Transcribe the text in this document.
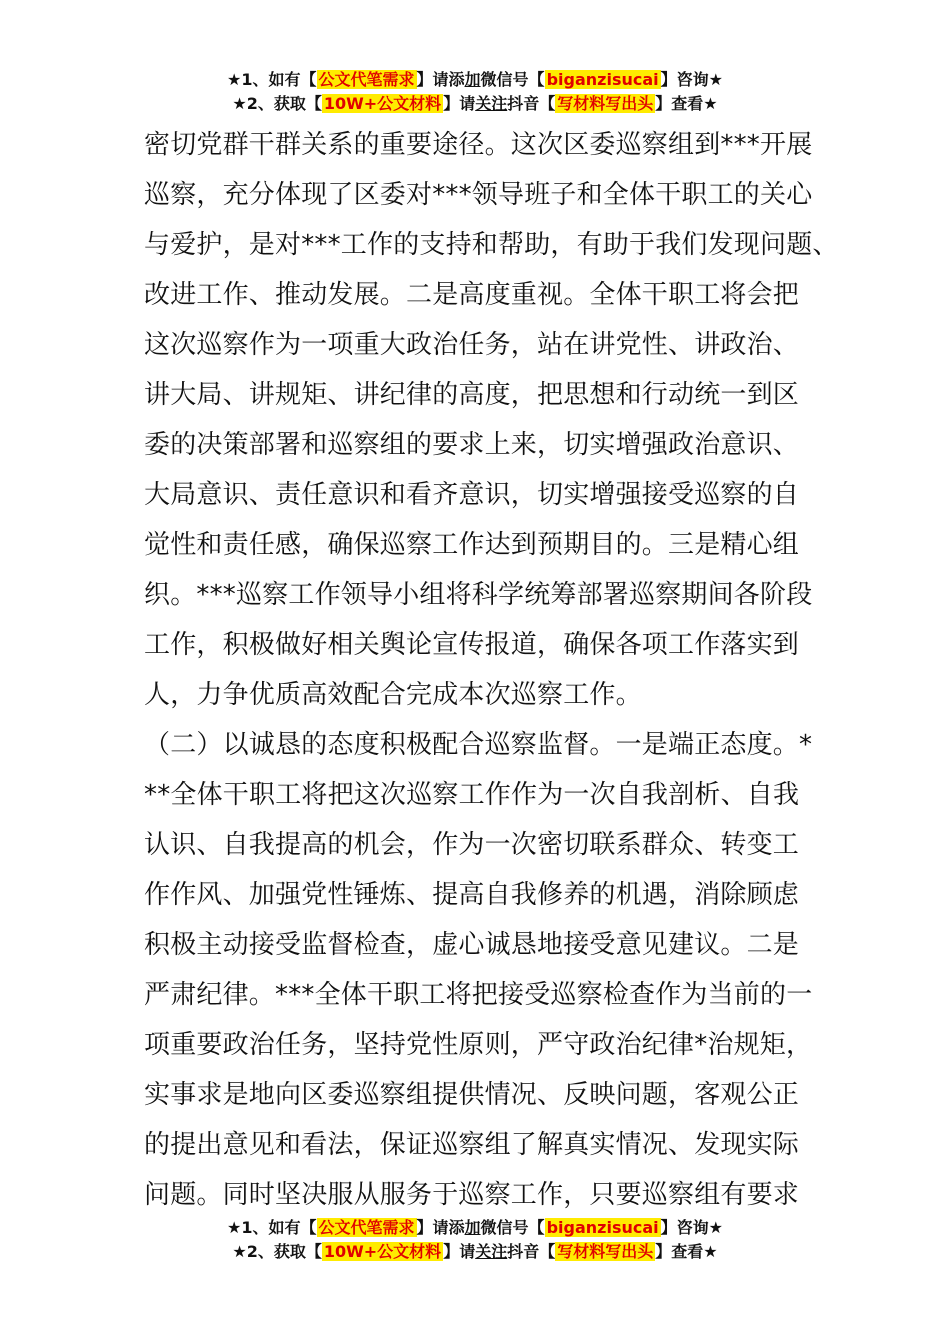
★1、如有【 公文代笔需求 】请添加微信号【 biganzisucai 】咨询★
★2、获取【 10W+公文材料 】请关注抖音【 写材料写出头 】查看★
密切党群干群关系的重要途径。这次区委巡察组到***开展
巡察，充分体现了区委对***领导班子和全体干职工的关心
与爱护，是对***工作的支持和帮助，有助于我们发现问题、
改进工作、推动发展。二是高度重视。全体干职工将会把
这次巡察作为一项重大政治任务，站在讲党性、讲政治、
讲大局、讲规矩、讲纪律的高度，把思想和行动统一到区
委的决策部署和巡察组的要求上来，切实增强政治意识、
大局意识、责任意识和看齐意识，切实增强接受巡察的自
觉性和责任感，确保巡察工作达到预期目的。三是精心组
织。***巡察工作领导小组将科学统筹部署巡察期间各阶段
工作，积极做好相关舆论宣传报道，确保各项工作落实到
人，力争优质高效配合完成本次巡察工作。
（二）以诚恳的态度积极配合巡察监督。一是端正态度。*
**全体干职工将把这次巡察工作作为一次自我剖析、自我
认识、自我提高的机会，作为一次密切联系群众、转变工
作作风、加强党性锤炼、提高自我修养的机遇，消除顾虑
积极主动接受监督检查，虚心诚恳地接受意见建议。二是
严肃纪律。***全体干职工将把接受巡察检查作为当前的一
项重要政治任务，坚持党性原则，严守政治纪律*治规矩，
实事求是地向区委巡察组提供情况、反映问题，客观公正
的提出意见和看法，保证巡察组了解真实情况、发现实际
问题。同时坚决服从服务于巡察工作，只要巡察组有要求
★1、如有【 公文代笔需求 】请添加微信号【 biganzisucai 】咨询★
★2、获取【 10W+公文材料 】请关注抖音【 写材料写出头 】查看★
